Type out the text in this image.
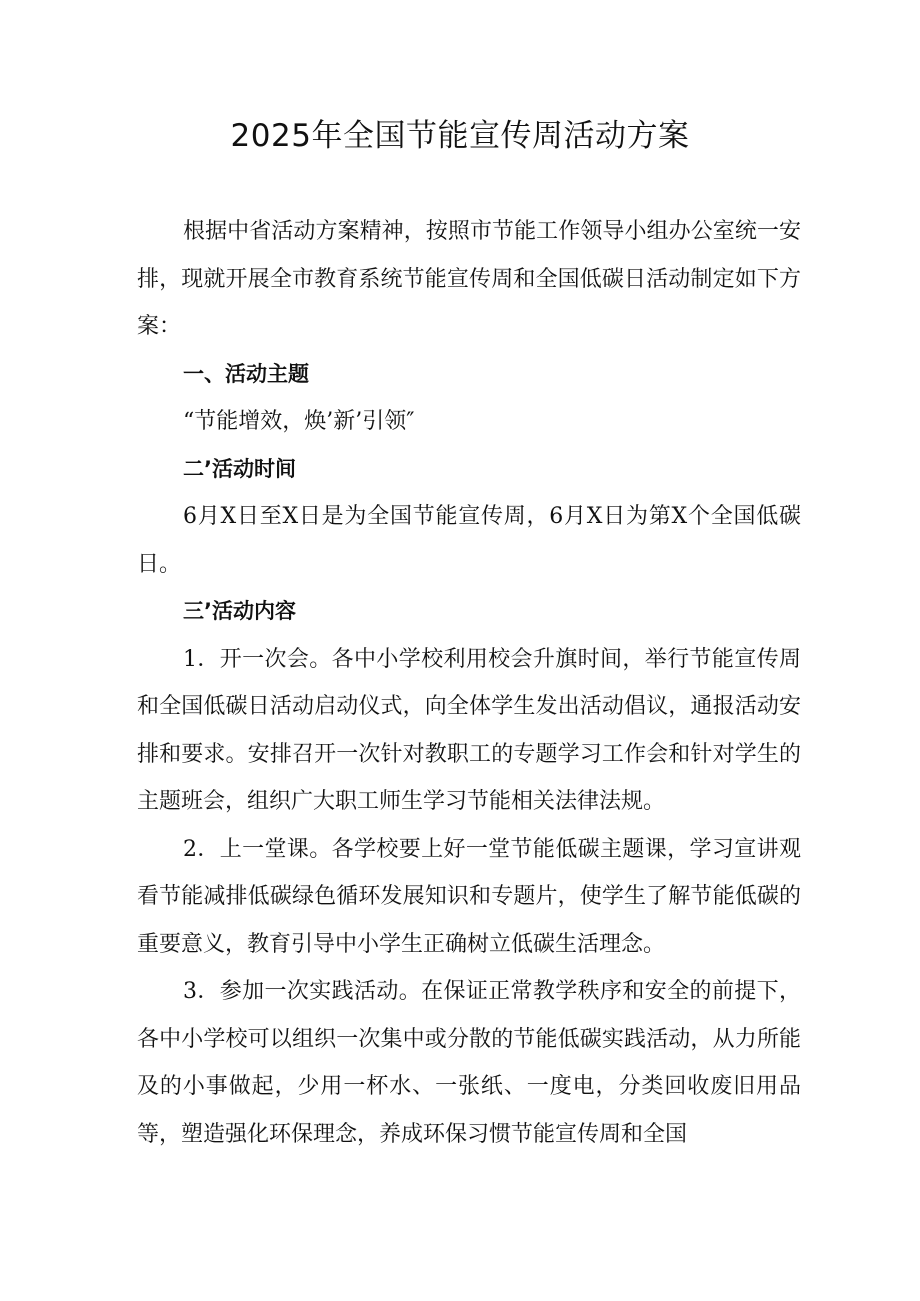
2025年全国节能宣传周活动方案

根据中省活动方案精神，按照市节能工作领导小组办公室统一安排，现就开展全市教育系统节能宣传周和全国低碳日活动制定如下方案：

一、活动主题
“节能增效，焕’新’引领″
二’活动时间

6月X日至X日是为全国节能宣传周，6月X日为第X个全国低碳日。

三’活动内容

1．开一次会。各中小学校利用校会升旗时间，举行节能宣传周和全国低碳日活动启动仪式，向全体学生发出活动倡议，通报活动安排和要求。安排召开一次针对教职工的专题学习工作会和针对学生的主题班会，组织广大职工师生学习节能相关法律法规。

2．上一堂课。各学校要上好一堂节能低碳主题课，学习宣讲观看节能减排低碳绿色循环发展知识和专题片，使学生了解节能低碳的重要意义，教育引导中小学生正确树立低碳生活理念。

3．参加一次实践活动。在保证正常教学秩序和安全的前提下，各中小学校可以组织一次集中或分散的节能低碳实践活动，从力所能及的小事做起，少用一杯水、一张纸、一度电，分类回收废旧用品等，塑造强化环保理念，养成环保习惯节能宣传周和全国
